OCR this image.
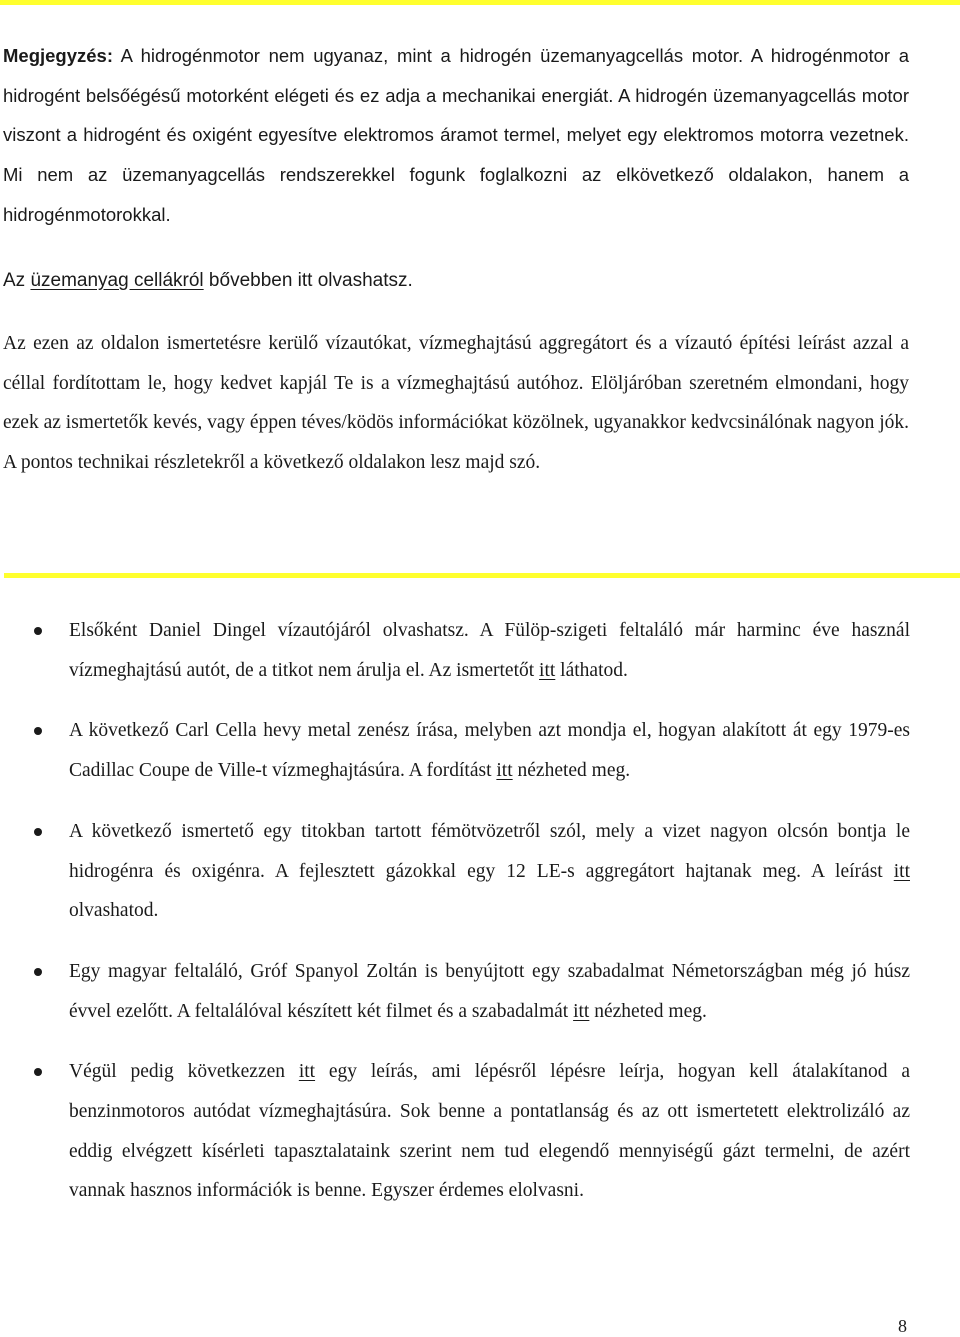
Megjegyzés: A hidrogénmotor nem ugyanaz, mint a hidrogén üzemanyagcellás motor. A hidrogénmotor a hidrogént belsőégésű motorként elégeti és ez adja a mechanikai energiát. A hidrogén üzemanyagcellás motor viszont a hidrogént és oxigént egyesítve elektromos áramot termel, melyet egy elektromos motorra vezetnek. Mi nem az üzemanyagcellás rendszerekkel fogunk foglalkozni az elkövetkező oldalakon, hanem a hidrogénmotorokkal.
Az üzemanyag cellákról bővebben itt olvashatsz.
Az ezen az oldalon ismertetésre kerülő vízautókat, vízmeghajtású aggregátort és a vízautó építési leírást azzal a céllal fordítottam le, hogy kedvet kapjál Te is a vízmeghajtású autóhoz. Elöljáróban szeretném elmondani, hogy ezek az ismertetők kevés, vagy éppen téves/ködös információkat közölnek, ugyanakkor kedvcsinálónak nagyon jók. A pontos technikai részletekről a következő oldalakon lesz majd szó.
Elsőként Daniel Dingel vízautójáról olvashatsz. A Fülöp-szigeti feltaláló már harminc éve használ vízmeghajtású autót, de a titkot nem árulja el. Az ismertetőt itt láthatod.
A következő Carl Cella hevy metal zenész írása, melyben azt mondja el, hogyan alakított át egy 1979-es Cadillac Coupe de Ville-t vízmeghajtásúra. A fordítást itt nézheted meg.
A következő ismertető egy titokban tartott fémötvözetről szól, mely a vizet nagyon olcsón bontja le hidrogénra és oxigénra. A fejlesztett gázokkal egy 12 LE-s aggregátort hajtanak meg. A leírást itt olvashatod.
Egy magyar feltaláló, Gróf Spanyol Zoltán is benyújtott egy szabadalmat Németországban még jó húsz évvel ezelőtt. A feltalálóval készített két filmet és a szabadalmát itt nézheted meg.
Végül pedig következzen itt egy leírás, ami lépésről lépésre leírja, hogyan kell átalakítanod a benzinmotoros autódat vízmeghajtásúra. Sok benne a pontatlanság és az ott ismertetett elektrolizáló az eddig elvégzett kísérleti tapasztalataink szerint nem tud elegendő mennyiségű gázt termelni, de azért vannak hasznos információk is benne. Egyszer érdemes elolvasni.
8
